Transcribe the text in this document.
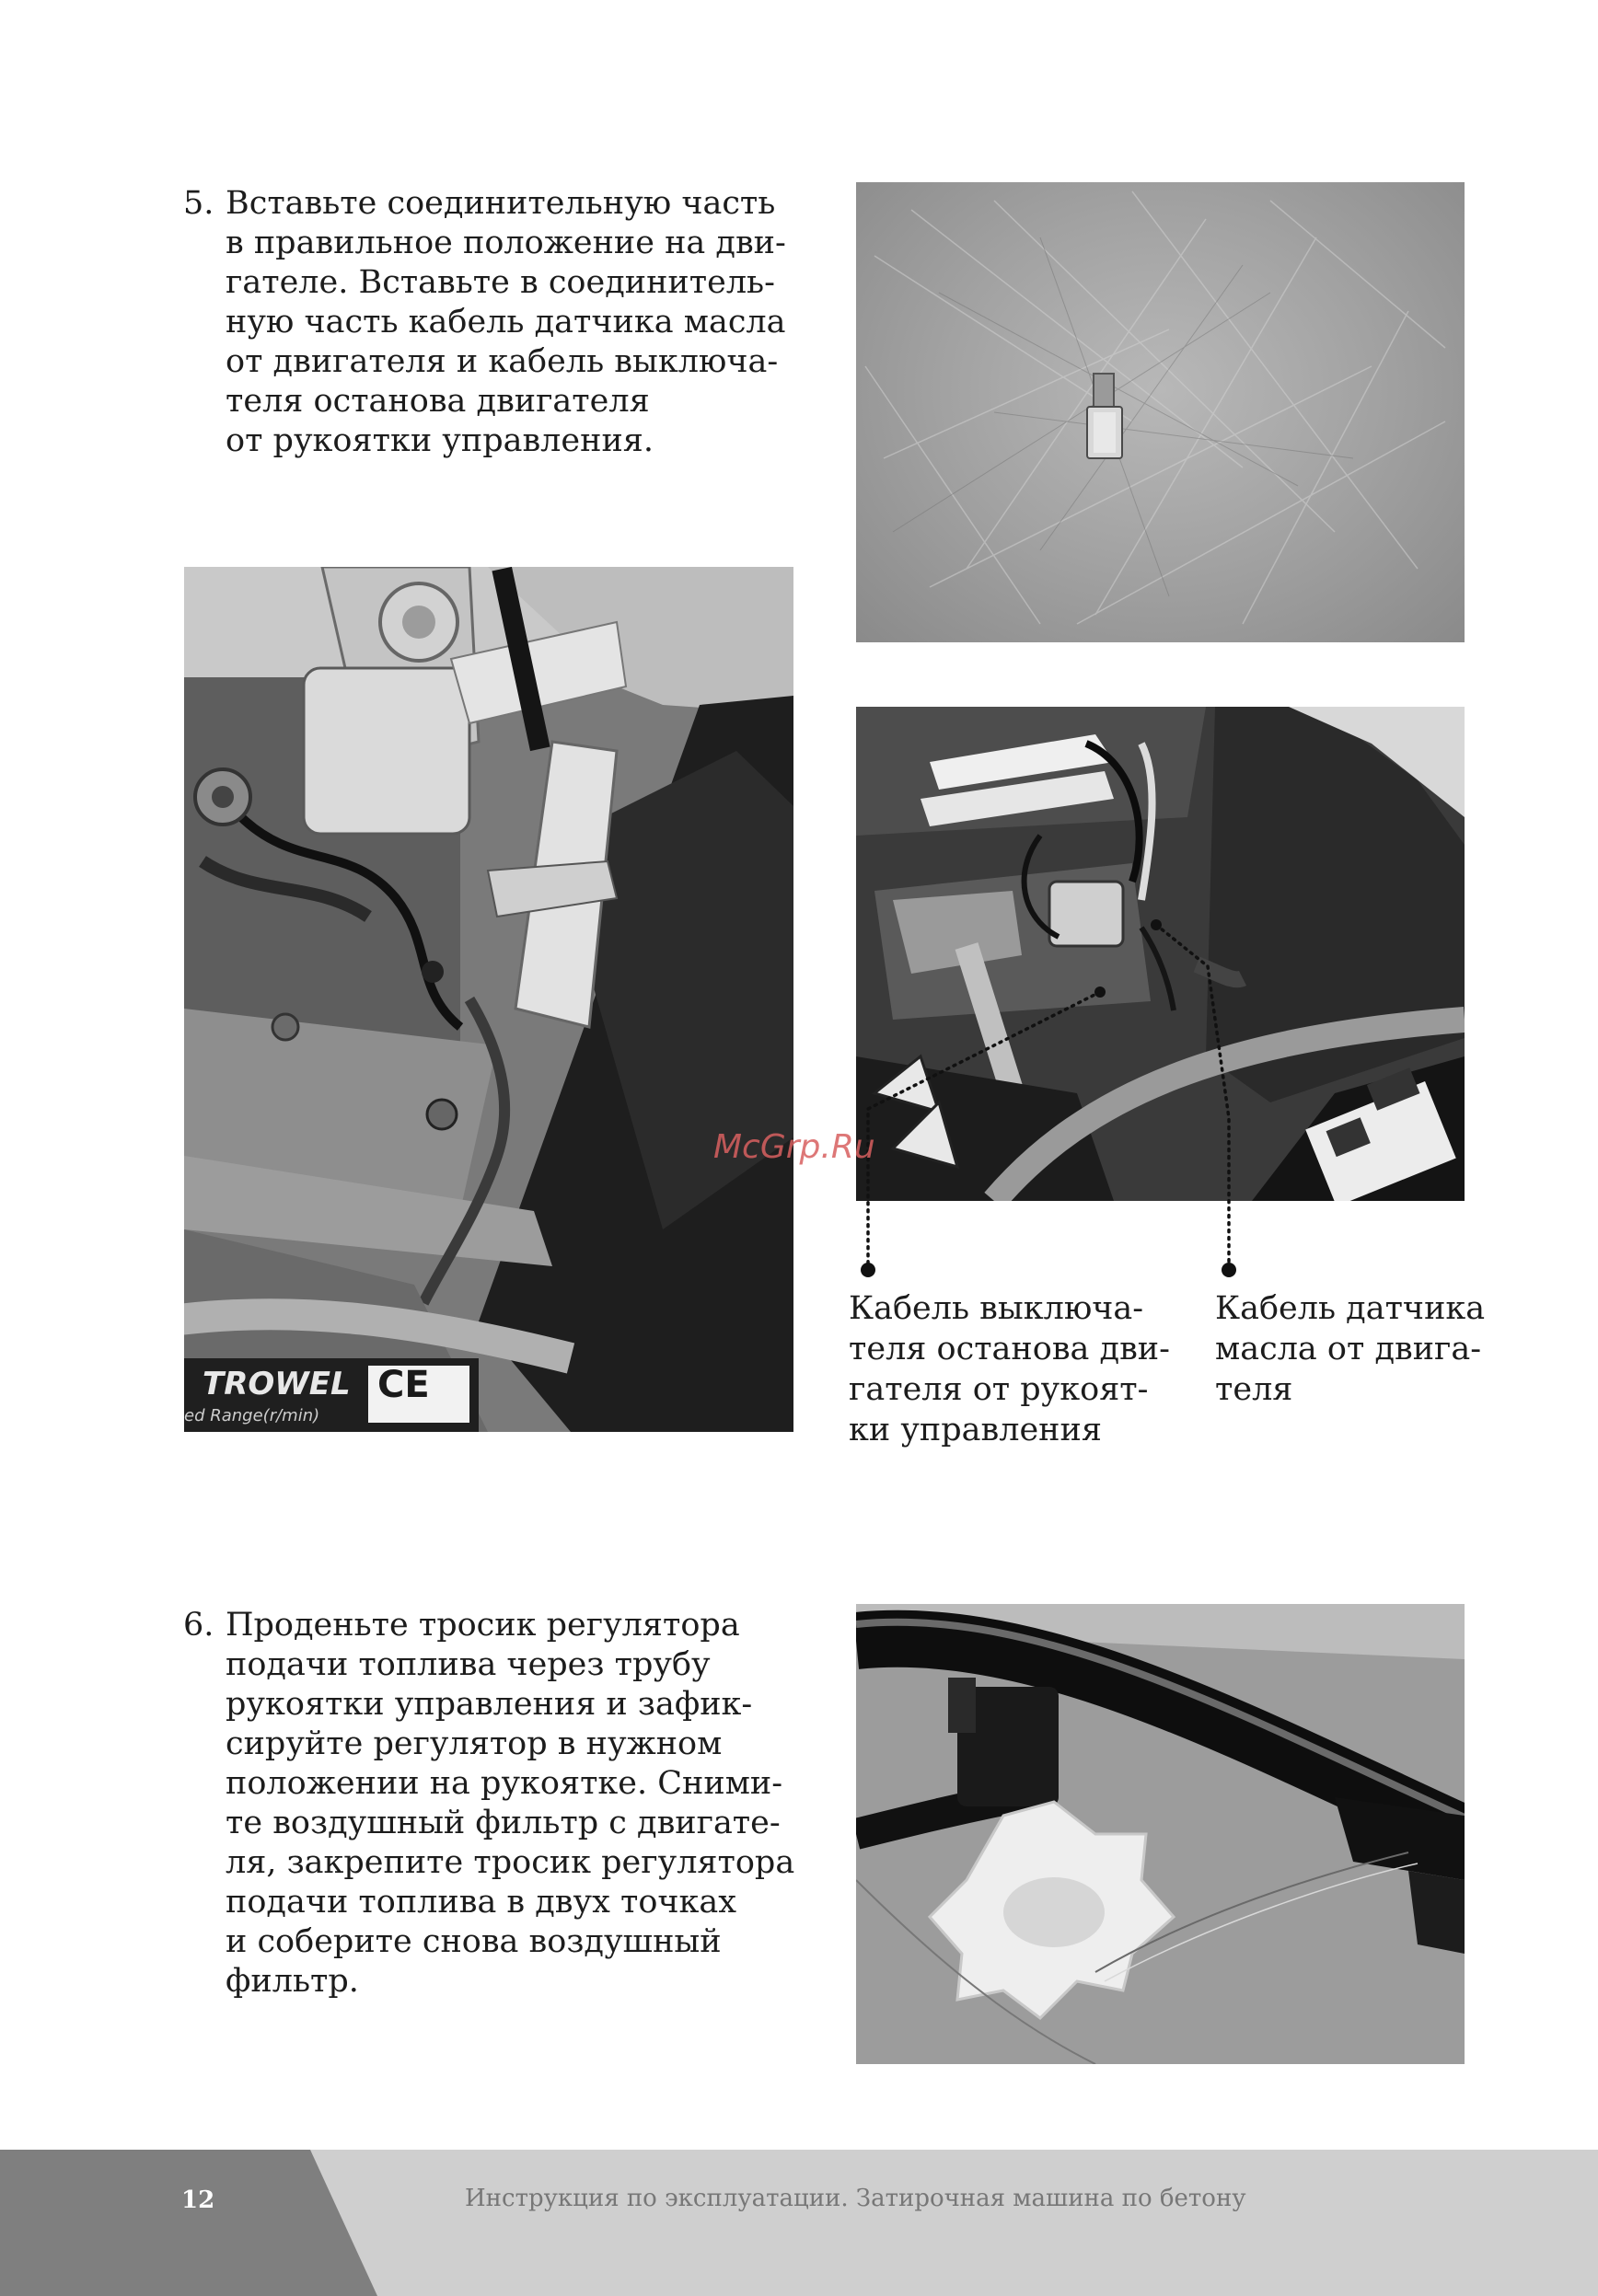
5. Вставьте соединительную часть
в правильное положение на дви-
гателе. Вставьте в соединитель-
ную часть кабель датчика масла
от двигателя и кабель выключа-
теля останова двигателя
от рукоятки управления.
TROWEL CE
ed Range(r/min)
Кабель выключа-
теля останова дви-
гателя от рукоят-
ки управления
Кабель датчика
масла от двига-
теля
McGrp.Ru
6. Проденьте тросик регулятора
подачи топлива через трубу
рукоятки управления и зафик-
сируйте регулятор в нужном
положении на рукоятке. Сними-
те воздушный фильтр с двигате-
ля, закрепите тросик регулятора
подачи топлива в двух точках
и соберите снова воздушный
фильтр.
12	Инструкция по эксплуатации. Затирочная машина по бетону
